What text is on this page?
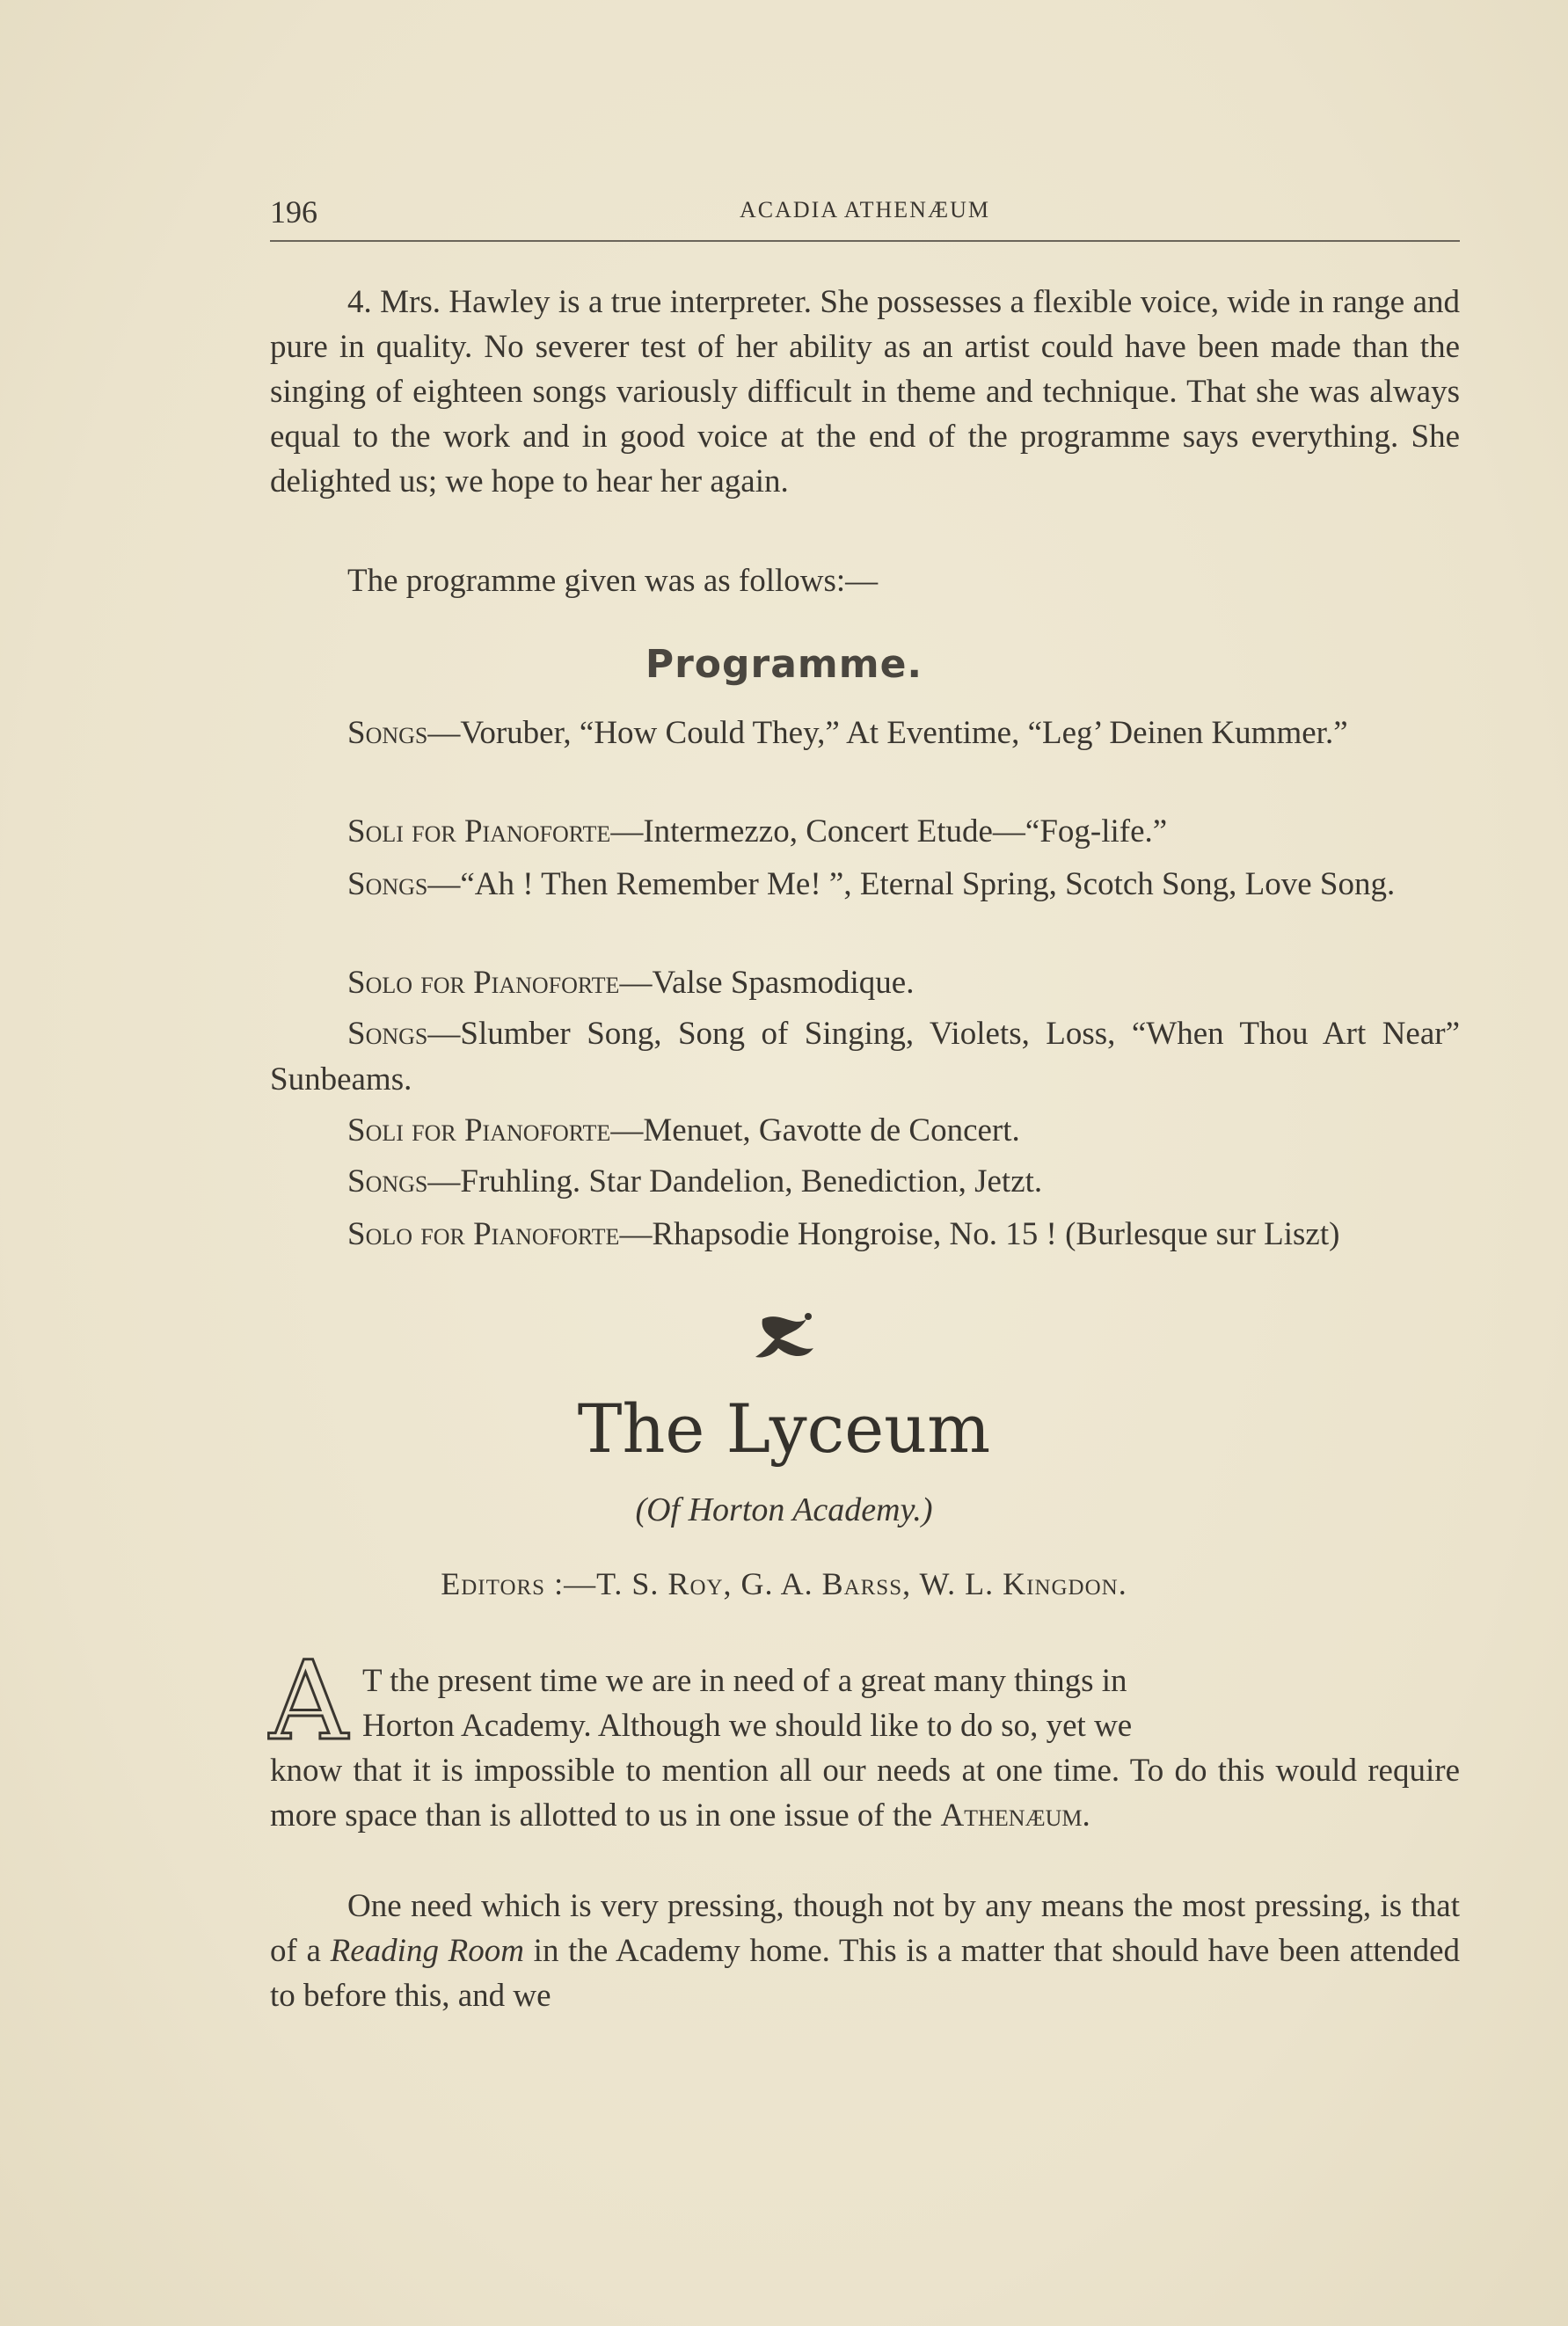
196	ACADIA ATHENÆUM
4. Mrs. Hawley is a true interpreter. She possesses a flexible voice, wide in range and pure in quality. No severer test of her ability as an artist could have been made than the singing of eighteen songs variously difficult in theme and technique. That she was always equal to the work and in good voice at the end of the programme says everything. She delighted us; we hope to hear her again.
The programme given was as follows:—
Programme.
Songs—Voruber, “How Could They,” At Eventime, “Leg’ Deinen Kummer.”
Soli for Pianoforte—Intermezzo, Concert Etude—“Fog-life.”
Songs—“Ah ! Then Remember Me! ”, Eternal Spring, Scotch Song, Love Song.
Solo for Pianoforte—Valse Spasmodique.
Songs—Slumber Song, Song of Singing, Violets, Loss, “When Thou Art Near” Sunbeams.
Soli for Pianoforte—Menuet, Gavotte de Concert.
Songs—Fruhling. Star Dandelion, Benediction, Jetzt.
Solo for Pianoforte—Rhapsodie Hongroise, No. 15 ! (Burlesque sur Liszt)
The Lyceum
(Of Horton Academy.)
Editors :—T. S. Roy, G. A. Barss, W. L. Kingdon.
A T the present time we are in need of a great many things in
Horton Academy. Although we should like to do so, yet we
know that it is impossible to mention all our needs at one time. To do this would require more space than is allotted to us in one issue of the Athenæum.
One need which is very pressing, though not by any means the most pressing, is that of a Reading Room in the Academy home. This is a matter that should have been attended to before this, and we
